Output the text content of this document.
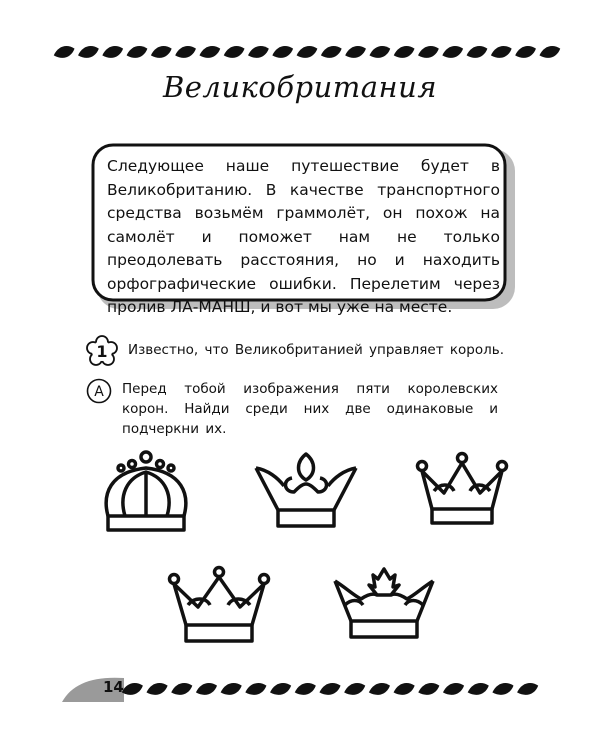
Великобритания

Следующее наше путешествие будет в Великобританию. В качестве транспортного средства возьмём граммолёт, он похож на самолёт и поможет нам не только преодолевать расстояния, но и находить орфографические ошибки. Перелетим через пролив ЛА-МАНШ, и вот мы уже на месте.

1 Известно, что Великобританией управляет король.
А Перед тобой изображения пяти королевских корон. Найди среди них две одинаковые и подчеркни их.
14
